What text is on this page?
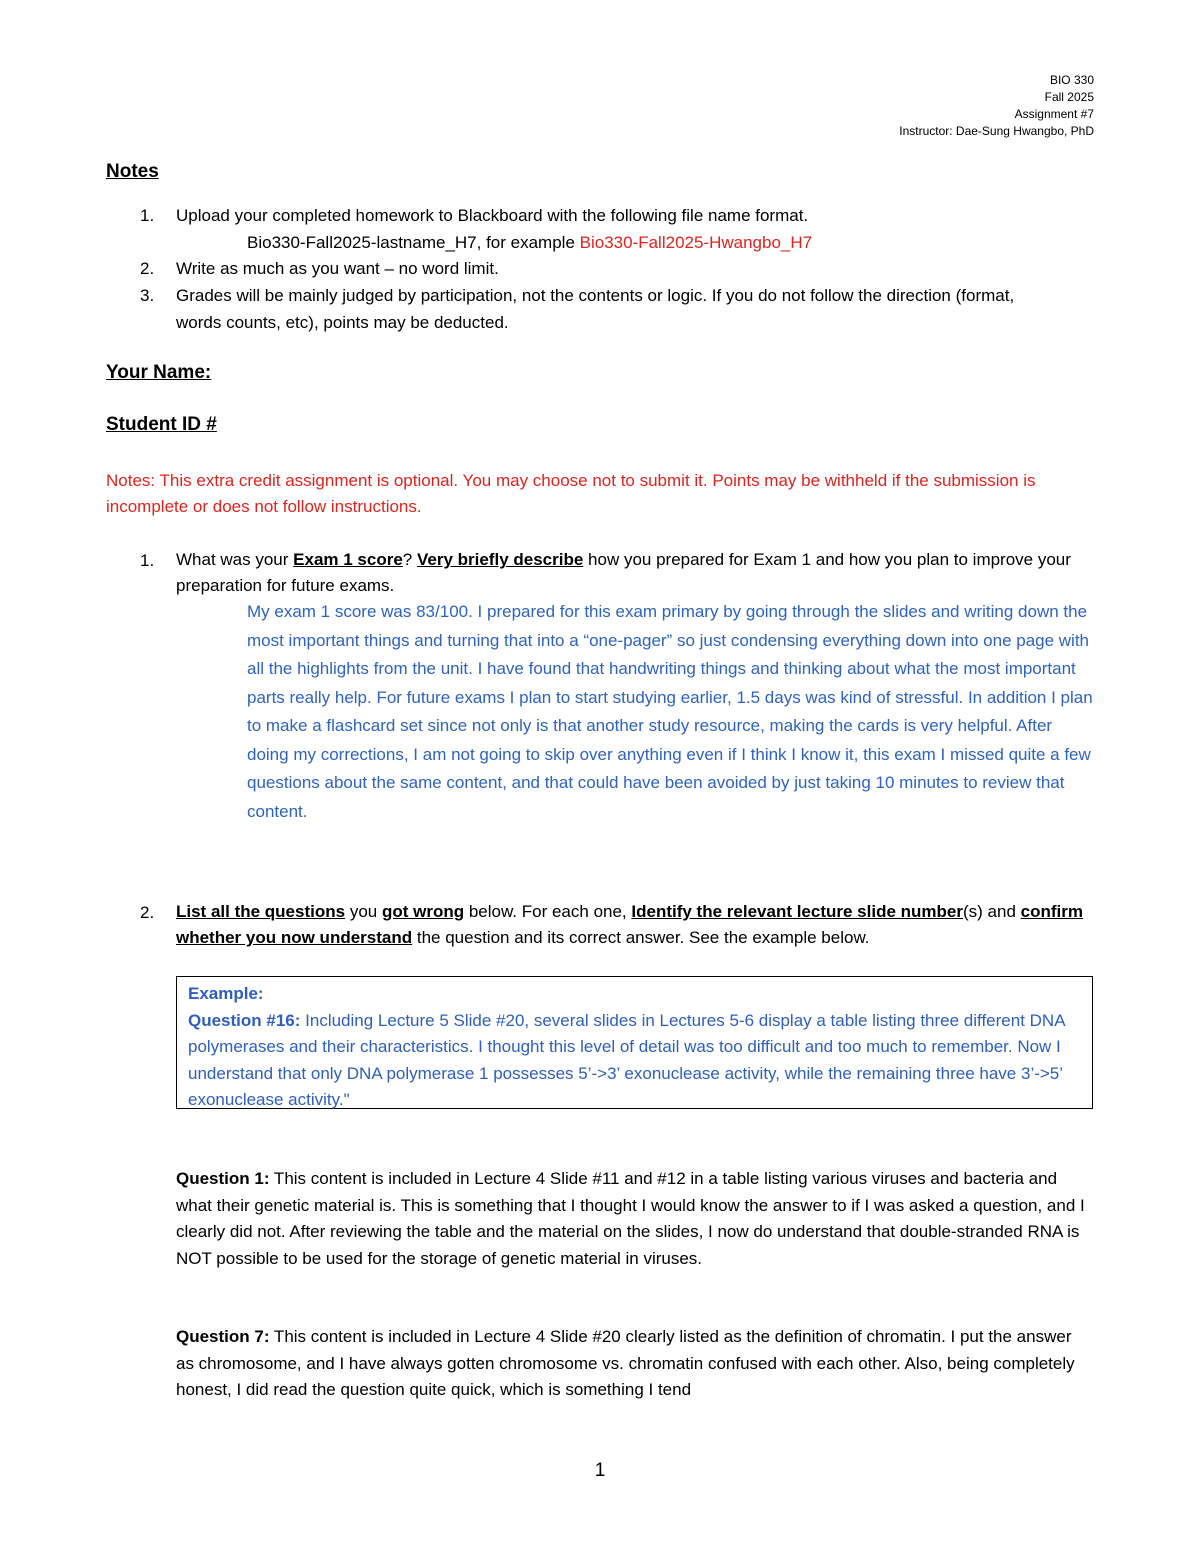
BIO 330
Fall 2025
Assignment #7
Instructor: Dae-Sung Hwangbo, PhD
Notes
1.	Upload your completed homework to Blackboard with the following file name format.
Bio330-Fall2025-lastname_H7, for example Bio330-Fall2025-Hwangbo_H7
2.	Write as much as you want – no word limit.
3.	Grades will be mainly judged by participation, not the contents or logic. If you do not follow the direction (format, words counts, etc), points may be deducted.
Your Name:
Student ID #
Notes: This extra credit assignment is optional. You may choose not to submit it. Points may be withheld if the submission is incomplete or does not follow instructions.
1.	What was your Exam 1 score? Very briefly describe how you prepared for Exam 1 and how you plan to improve your preparation for future exams.
My exam 1 score was 83/100. I prepared for this exam primary by going through the slides and writing down the most important things and turning that into a “one-pager” so just condensing everything down into one page with all the highlights from the unit. I have found that handwriting things and thinking about what the most important parts really help. For future exams I plan to start studying earlier, 1.5 days was kind of stressful. In addition I plan to make a flashcard set since not only is that another study resource, making the cards is very helpful. After doing my corrections, I am not going to skip over anything even if I think I know it, this exam I missed quite a few questions about the same content, and that could have been avoided by just taking 10 minutes to review that content.
2.	List all the questions you got wrong below. For each one, Identify the relevant lecture slide number(s) and confirm whether you now understand the question and its correct answer. See the example below.
Example:
Question #16: Including Lecture 5 Slide #20, several slides in Lectures 5-6 display a table listing three different DNA polymerases and their characteristics. I thought this level of detail was too difficult and too much to remember. Now I understand that only DNA polymerase 1 possesses 5’->3’ exonuclease activity, while the remaining three have 3’->5’ exonuclease activity."
Question 1: This content is included in Lecture 4 Slide #11 and #12 in a table listing various viruses and bacteria and what their genetic material is. This is something that I thought I would know the answer to if I was asked a question, and I clearly did not. After reviewing the table and the material on the slides, I now do understand that double-stranded RNA is NOT possible to be used for the storage of genetic material in viruses.
Question 7: This content is included in Lecture 4 Slide #20 clearly listed as the definition of chromatin. I put the answer as chromosome, and I have always gotten chromosome vs. chromatin confused with each other. Also, being completely honest, I did read the question quite quick, which is something I tend
1
